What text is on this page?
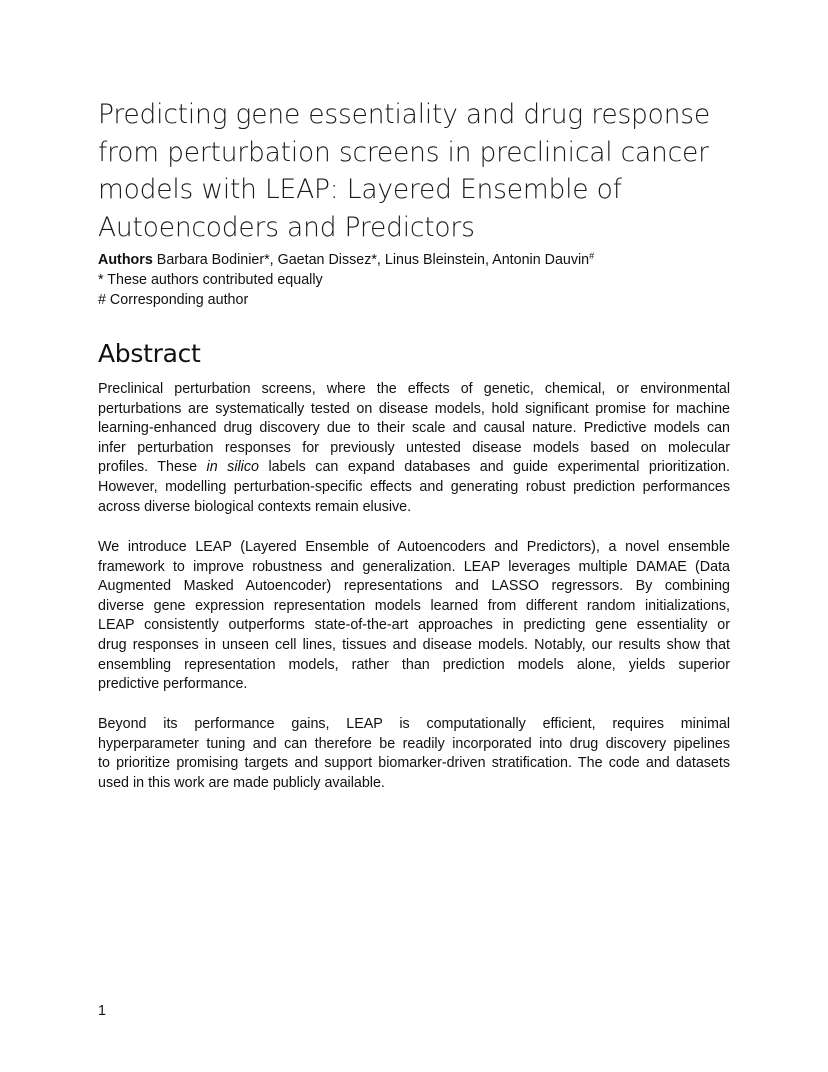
Predicting gene essentiality and drug response
from perturbation screens in preclinical cancer
models with LEAP: Layered Ensemble of
Autoencoders and Predictors
Authors Barbara Bodinier*, Gaetan Dissez*, Linus Bleinstein, Antonin Dauvin#
* These authors contributed equally
# Corresponding author
Abstract
Preclinical perturbation screens, where the effects of genetic, chemical, or environmental
perturbations are systematically tested on disease models, hold significant promise for machine
learning-enhanced drug discovery due to their scale and causal nature. Predictive models can
infer perturbation responses for previously untested disease models based on molecular
profiles. These in silico labels can expand databases and guide experimental prioritization.
However, modelling perturbation-specific effects and generating robust prediction performances
across diverse biological contexts remain elusive.
We introduce LEAP (Layered Ensemble of Autoencoders and Predictors), a novel ensemble
framework to improve robustness and generalization. LEAP leverages multiple DAMAE (Data
Augmented Masked Autoencoder) representations and LASSO regressors. By combining
diverse gene expression representation models learned from different random initializations,
LEAP consistently outperforms state-of-the-art approaches in predicting gene essentiality or
drug responses in unseen cell lines, tissues and disease models. Notably, our results show that
ensembling representation models, rather than prediction models alone, yields superior
predictive performance.
Beyond its performance gains, LEAP is computationally efficient, requires minimal
hyperparameter tuning and can therefore be readily incorporated into drug discovery pipelines
to prioritize promising targets and support biomarker-driven stratification. The code and datasets
used in this work are made publicly available.
1
